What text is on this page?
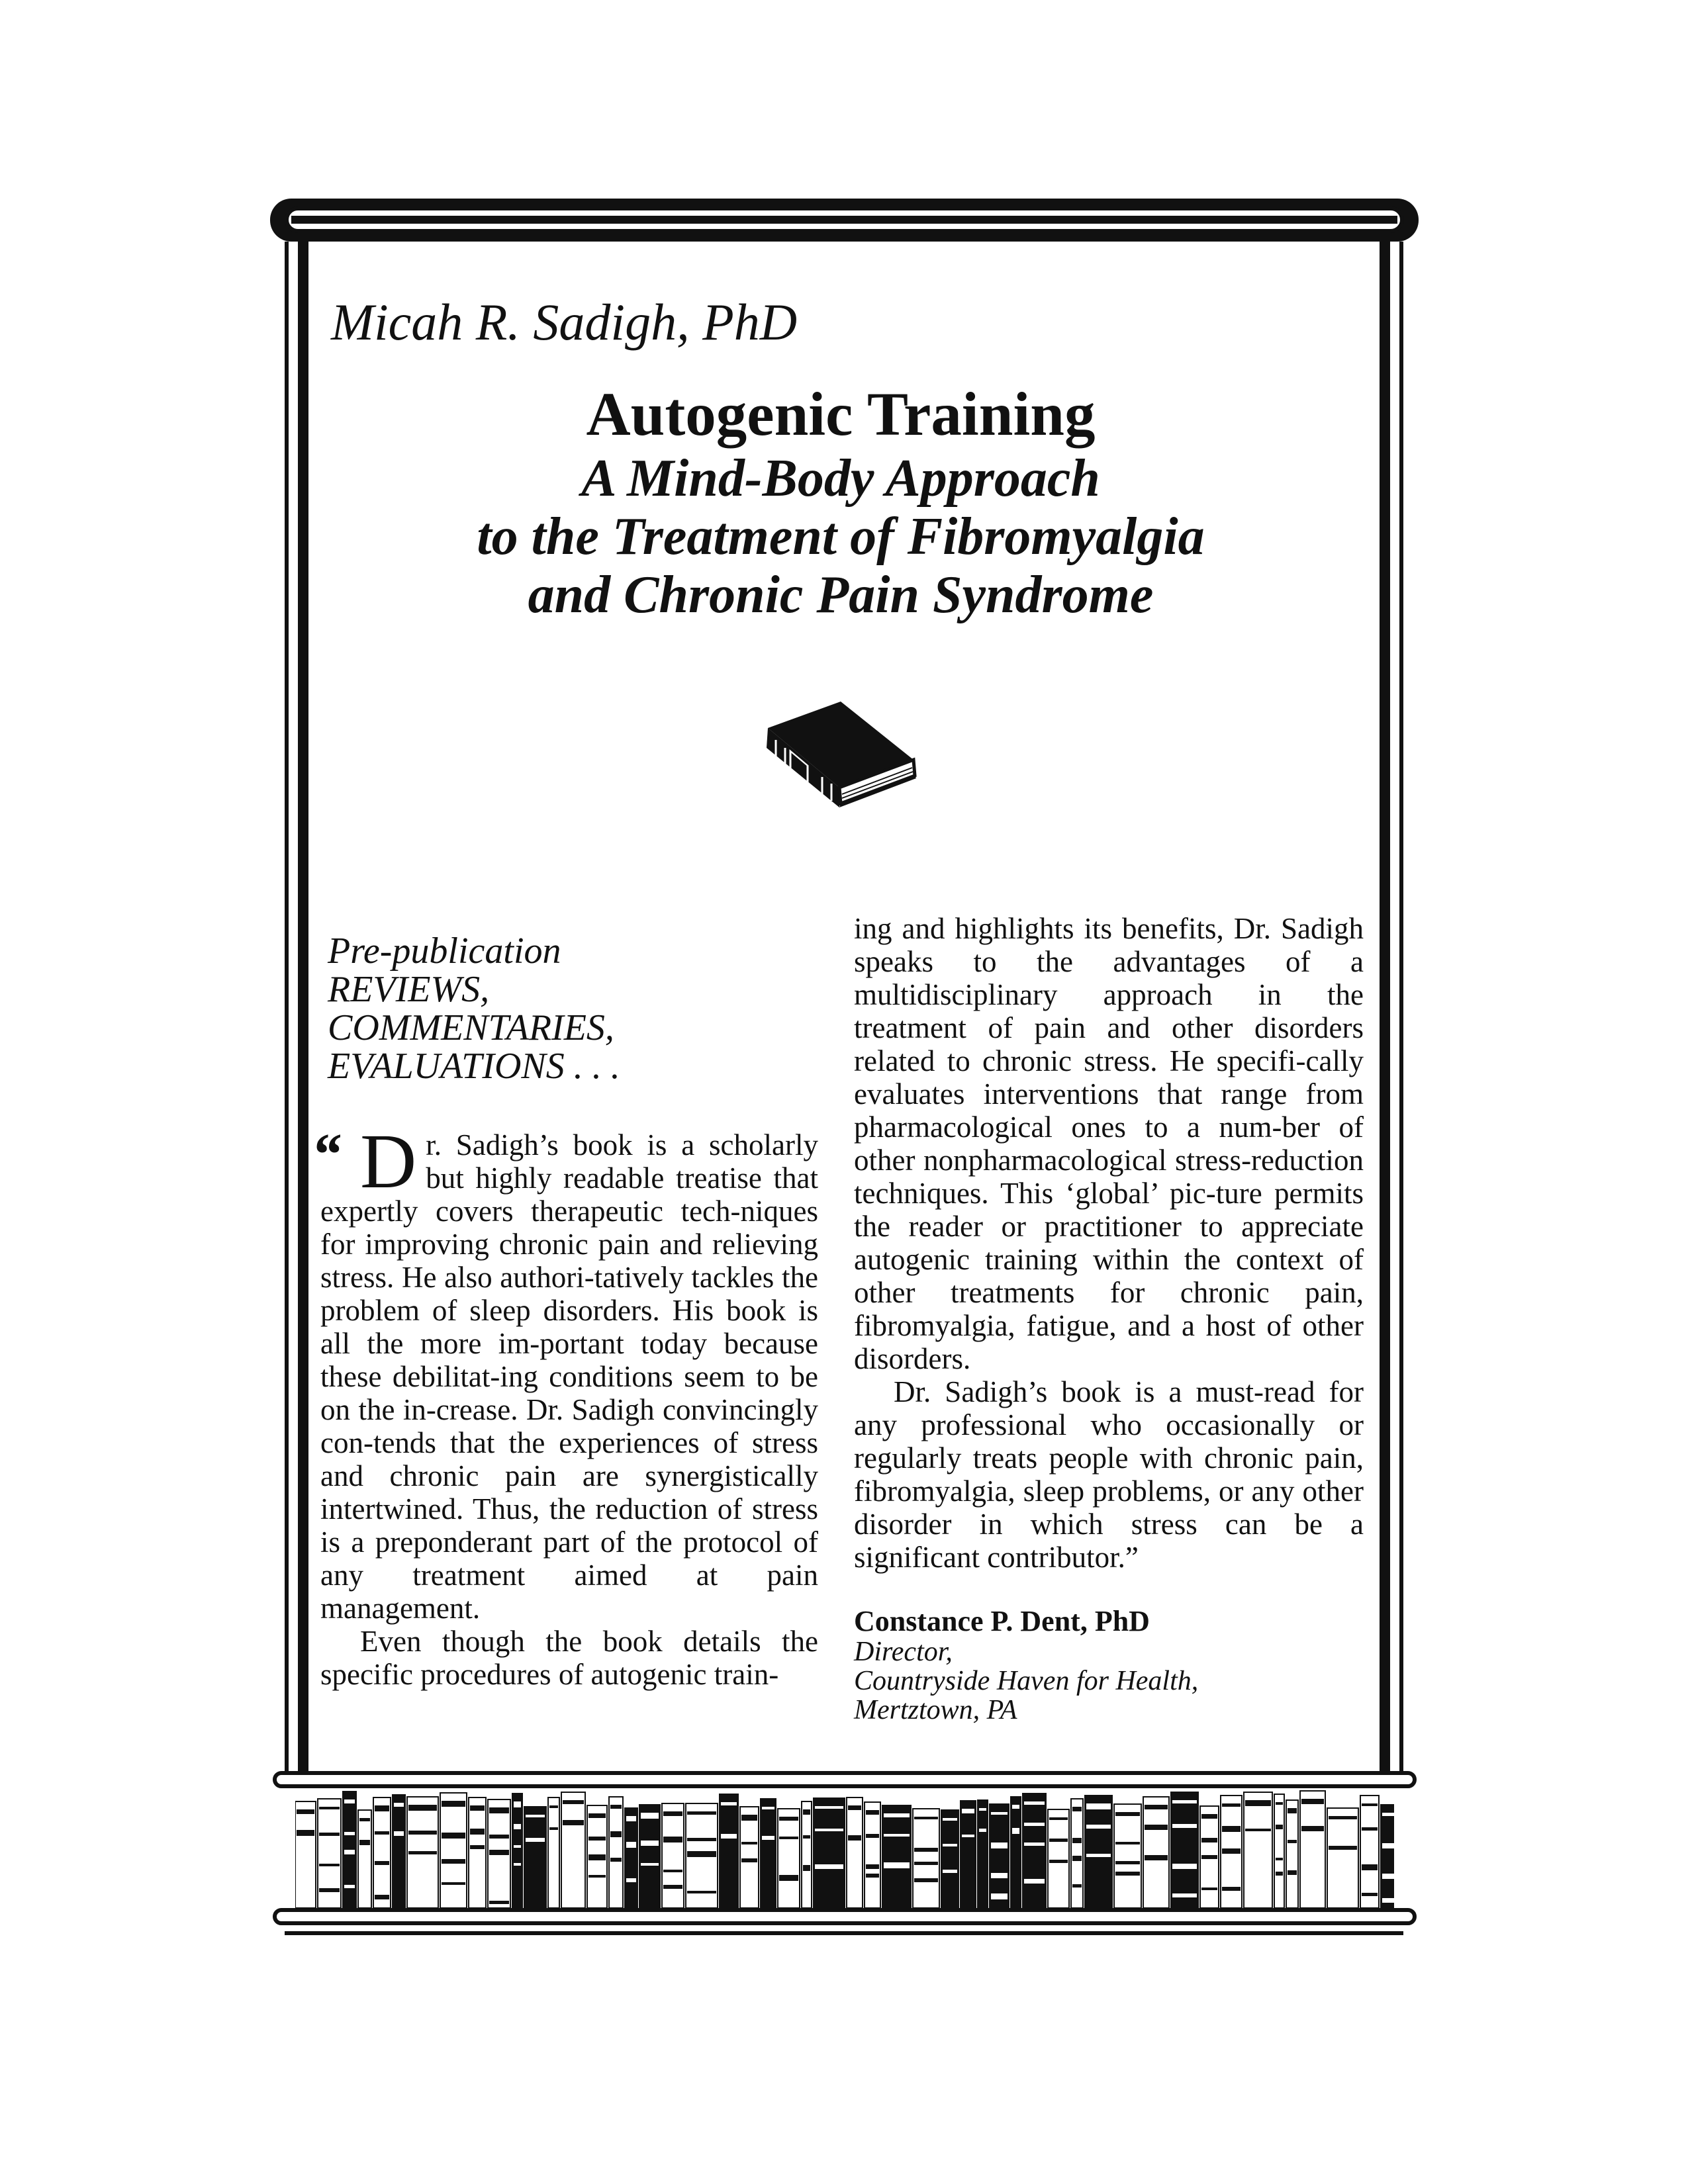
Micah R. Sadigh, PhD
Autogenic Training
A Mind-Body Approach
to the Treatment of Fibromyalgia
and Chronic Pain Syndrome
Pre-publication
REVIEWS,
COMMENTARIES,
EVALUATIONS . . .
“ Dr. Sadigh’s book is a scholarly but highly readable treatise that expertly covers therapeutic tech-niques for improving chronic pain and relieving stress. He also authori-tatively tackles the problem of sleep disorders. His book is all the more im-portant today because these debilitat-ing conditions seem to be on the in-crease. Dr. Sadigh convincingly con-tends that the experiences of stress and chronic pain are synergistically intertwined. Thus, the reduction of stress is a preponderant part of the protocol of any treatment aimed at pain management.

Even though the book details the specific procedures of autogenic train-

ing and highlights its benefits, Dr. Sadigh speaks to the advantages of a multidisciplinary approach in the treatment of pain and other disorders related to chronic stress. He specifi-cally evaluates interventions that range from pharmacological ones to a num-ber of other nonpharmacological stress-reduction techniques. This ‘global’ pic-ture permits the reader or practitioner to appreciate autogenic training within the context of other treatments for chronic pain, fibromyalgia, fatigue, and a host of other disorders.

Dr. Sadigh’s book is a must-read for any professional who occasionally or regularly treats people with chronic pain, fibromyalgia, sleep problems, or any other disorder in which stress can be a significant contributor.”

Constance P. Dent, PhD
Director,
Countryside Haven for Health,
Mertztown, PA
